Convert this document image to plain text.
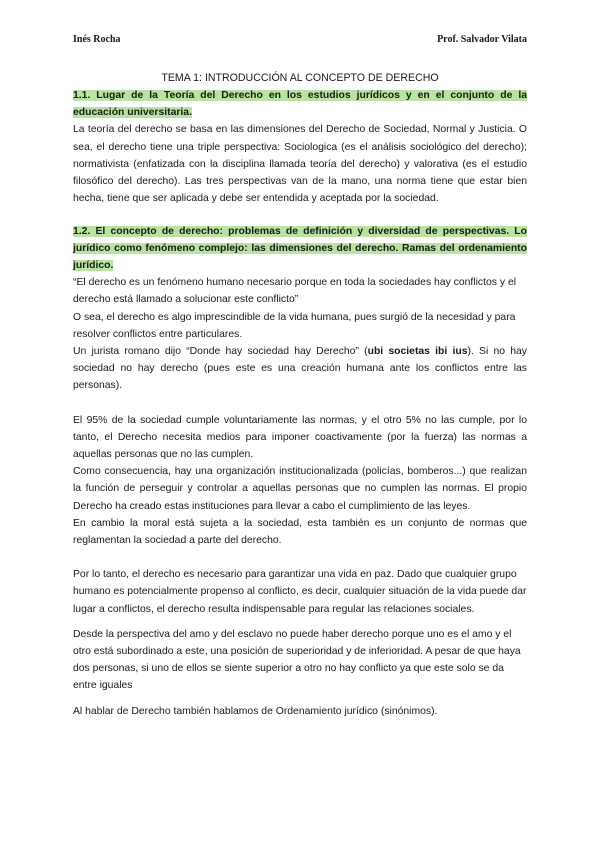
Inés Rocha	Prof. Salvador Vilata

TEMA 1: INTRODUCCIÓN AL CONCEPTO DE DERECHO

1.1. Lugar de la Teoría del Derecho en los estudios jurídicos y en el conjunto de la educación universitaria.

La teoría del derecho se basa en las dimensiones del Derecho de Sociedad, Normal y Justicia. O sea, el derecho tiene una triple perspectiva: Sociologica (es el análisis sociológico del derecho); normativista (enfatizada con la disciplina llamada teoría del derecho) y valorativa (es el estudio filosófico del derecho). Las tres perspectivas van de la mano, una norma tiene que estar bien hecha, tiene que ser aplicada y debe ser entendida y aceptada por la sociedad.

1.2. El concepto de derecho: problemas de definición y diversidad de perspectivas. Lo jurídico como fenómeno complejo: las dimensiones del derecho. Ramas del ordenamiento jurídico.

“El derecho es un fenómeno humano necesario porque en toda la sociedades hay conflictos y el derecho está llamado a solucionar este conflicto”

O sea, el derecho es algo imprescindible de la vida humana, pues surgió de la necesidad y para resolver conflictos entre particulares.

Un jurista romano dijo “Donde hay sociedad hay Derecho” (ubi societas ibi ius). Si no hay sociedad no hay derecho (pues este es una creación humana ante los conflictos entre las personas).

El 95% de la sociedad cumple voluntariamente las normas, y el otro 5% no las cumple, por lo tanto, el Derecho necesita medios para imponer coactivamente (por la fuerza) las normas a aquellas personas que no las cumplen.

Como consecuencia, hay una organización institucionalizada (policías, bomberos...) que realizan la función de perseguir y controlar a aquellas personas que no cumplen las normas. El propio Derecho ha creado estas instituciones para llevar a cabo el cumplimiento de las leyes.

En cambio la moral está sujeta a la sociedad, esta también es un conjunto de normas que reglamentan la sociedad a parte del derecho.

Por lo tanto, el derecho es necesario para garantizar una vida en paz. Dado que cualquier grupo humano es potencialmente propenso al conflicto, es decir, cualquier situación de la vida puede dar lugar a conflictos, el derecho resulta indispensable para regular las relaciones sociales.

Desde la perspectiva del amo y del esclavo no puede haber derecho porque uno es el amo y el otro está subordinado a este, una posición de superioridad y de inferioridad. A pesar de que haya dos personas, si uno de ellos se siente superior a otro no hay conflicto ya que este solo se da entre iguales

Al hablar de Derecho también hablamos de Ordenamiento jurídico (sinónimos).
